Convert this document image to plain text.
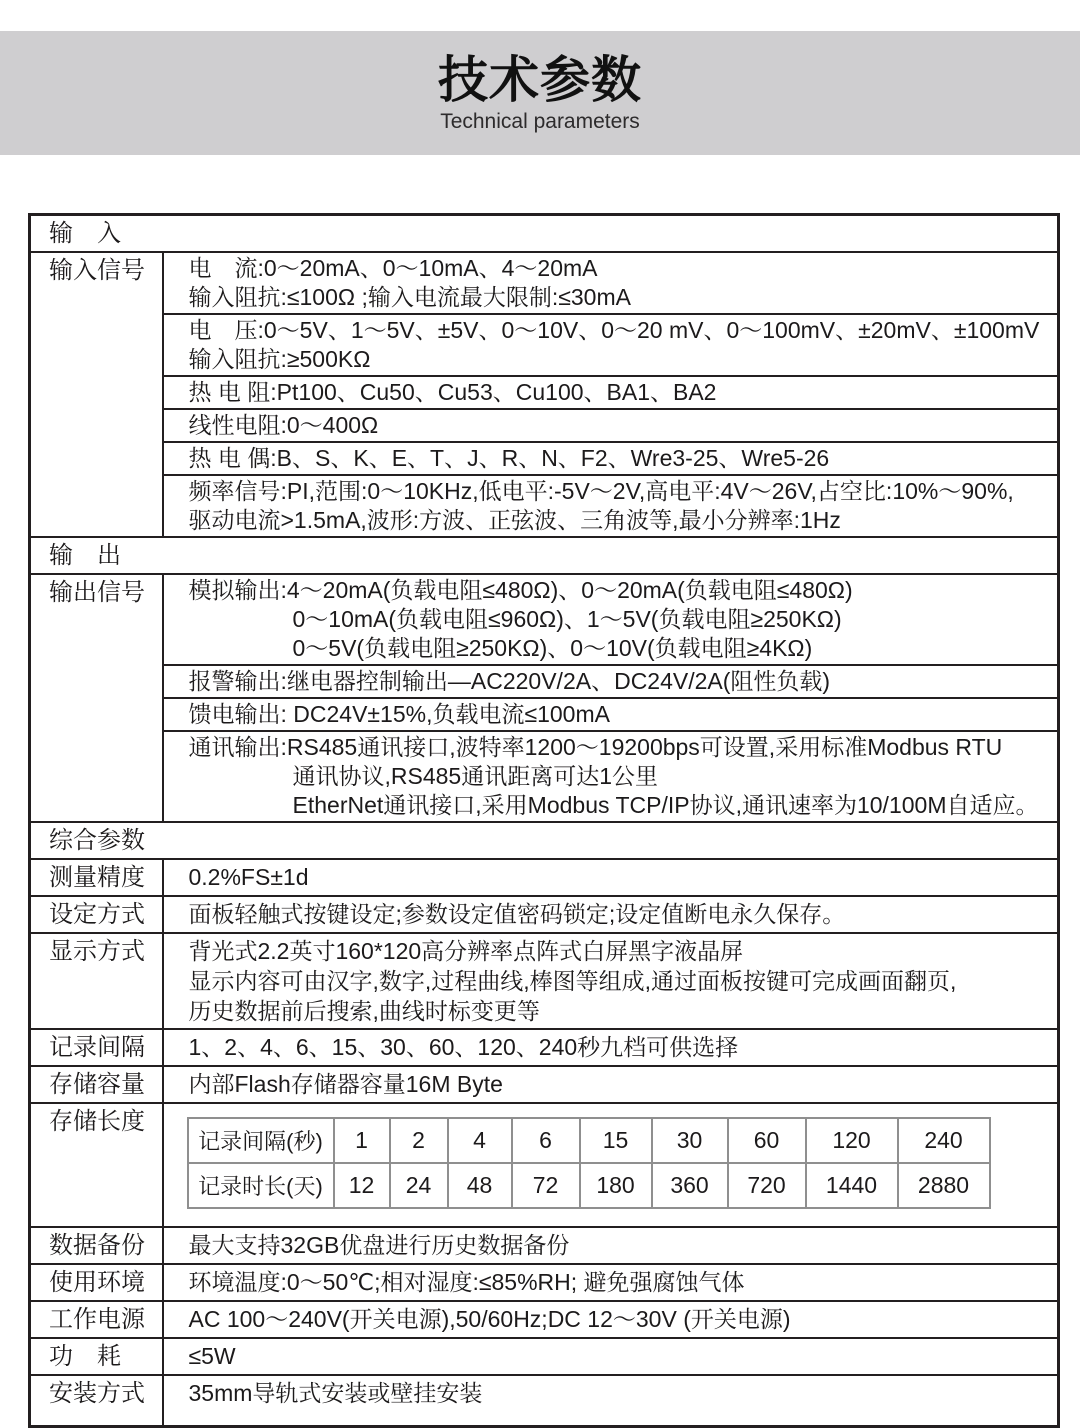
技术参数
Technical parameters
输　入
输入信号	电　流:0～20mA、0～10mA、4～20mA
输入阻抗:≤100Ω ;输入电流最大限制:≤30mA
电　压:0～5V、1～5V、±5V、0～10V、0～20 mV、0～100mV、±20mV、±100mV
输入阻抗:≥500KΩ
热 电 阻:Pt100、Cu50、Cu53、Cu100、BA1、BA2
线性电阻:0～400Ω
热 电 偶:B、S、K、E、T、J、R、N、F2、Wre3-25、Wre5-26
频率信号:PI,范围:0～10KHz,低电平:-5V～2V,高电平:4V～26V,占空比:10%～90%,
驱动电流>1.5mA,波形:方波、正弦波、三角波等,最小分辨率:1Hz

输　出
输出信号	模拟输出:4～20mA(负载电阻≤480Ω)、0～20mA(负载电阻≤480Ω)
0～10mA(负载电阻≤960Ω)、1～5V(负载电阻≥250KΩ)
0～5V(负载电阻≥250KΩ)、0～10V(负载电阻≥4KΩ)
报警输出:继电器控制输出—AC220V/2A、DC24V/2A(阻性负载)
馈电输出: DC24V±15%,负载电流≤100mA
通讯输出:RS485通讯接口,波特率1200～19200bps可设置,采用标准Modbus RTU
通讯协议,RS485通讯距离可达1公里
EtherNet通讯接口,采用Modbus TCP/IP协议,通讯速率为10/100M自适应。

综合参数
测量精度	0.2%FS±1d

设定方式	面板轻触式按键设定;参数设定值密码锁定;设定值断电永久保存。

显示方式	背光式2.2英寸160*120高分辨率点阵式白屏黑字液晶屏
显示内容可由汉字,数字,过程曲线,棒图等组成,通过面板按键可完成画面翻页,
历史数据前后搜索,曲线时标变更等

记录间隔	1、2、4、6、15、30、60、120、240秒九档可供选择

存储容量	内部Flash存储器容量16M Byte

存储长度	
记录间隔(秒)	1	2	4	6	15	30	60	120	240
记录时长(天)	12	24	48	72	180	360	720	1440	2880

数据备份	最大支持32GB优盘进行历史数据备份

使用环境	环境温度:0～50℃;相对湿度:≤85%RH; 避免强腐蚀气体

工作电源	AC 100～240V(开关电源),50/60Hz;DC 12～30V (开关电源)

功　耗	≤5W

安装方式	35mm导轨式安装或壁挂安装
